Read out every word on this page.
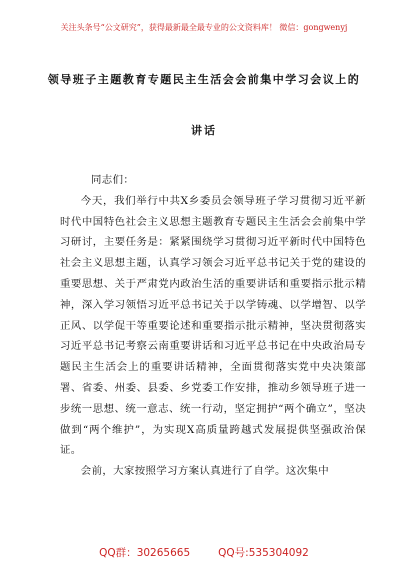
关注头条号“公文研究”，获得最新最全最专业的公文资料库！ 微信：gongwenyj
领导班子主题教育专题民主生活会会前集中学习会议上的
讲话

同志们：

今天，我们举行中共X乡委员会领导班子学习贯彻习近平新时代中国特色社会主义思想主题教育专题民主生活会会前集中学习研讨，主要任务是：紧紧围绕学习贯彻习近平新时代中国特色社会主义思想主题，认真学习领会习近平总书记关于党的建设的重要思想、关于严肃党内政治生活的重要讲话和重要指示批示精神，深入学习领悟习近平总书记关于以学铸魂、以学增智、以学正风、以学促干等重要论述和重要指示批示精神，坚决贯彻落实习近平总书记考察云南重要讲话和习近平总书记在中央政治局专题民主生活会上的重要讲话精神，全面贯彻落实党中央决策部署、省委、州委、县委、乡党委工作安排，推动乡领导班子进一步统一思想、统一意志、统一行动，坚定拥护“两个确立”，坚决做到“两个维护”，为实现X高质量跨越式发展提供坚强政治保证。

会前，大家按照学习方案认真进行了自学。这次集中

QQ群：30265665	QQ号:535304092
